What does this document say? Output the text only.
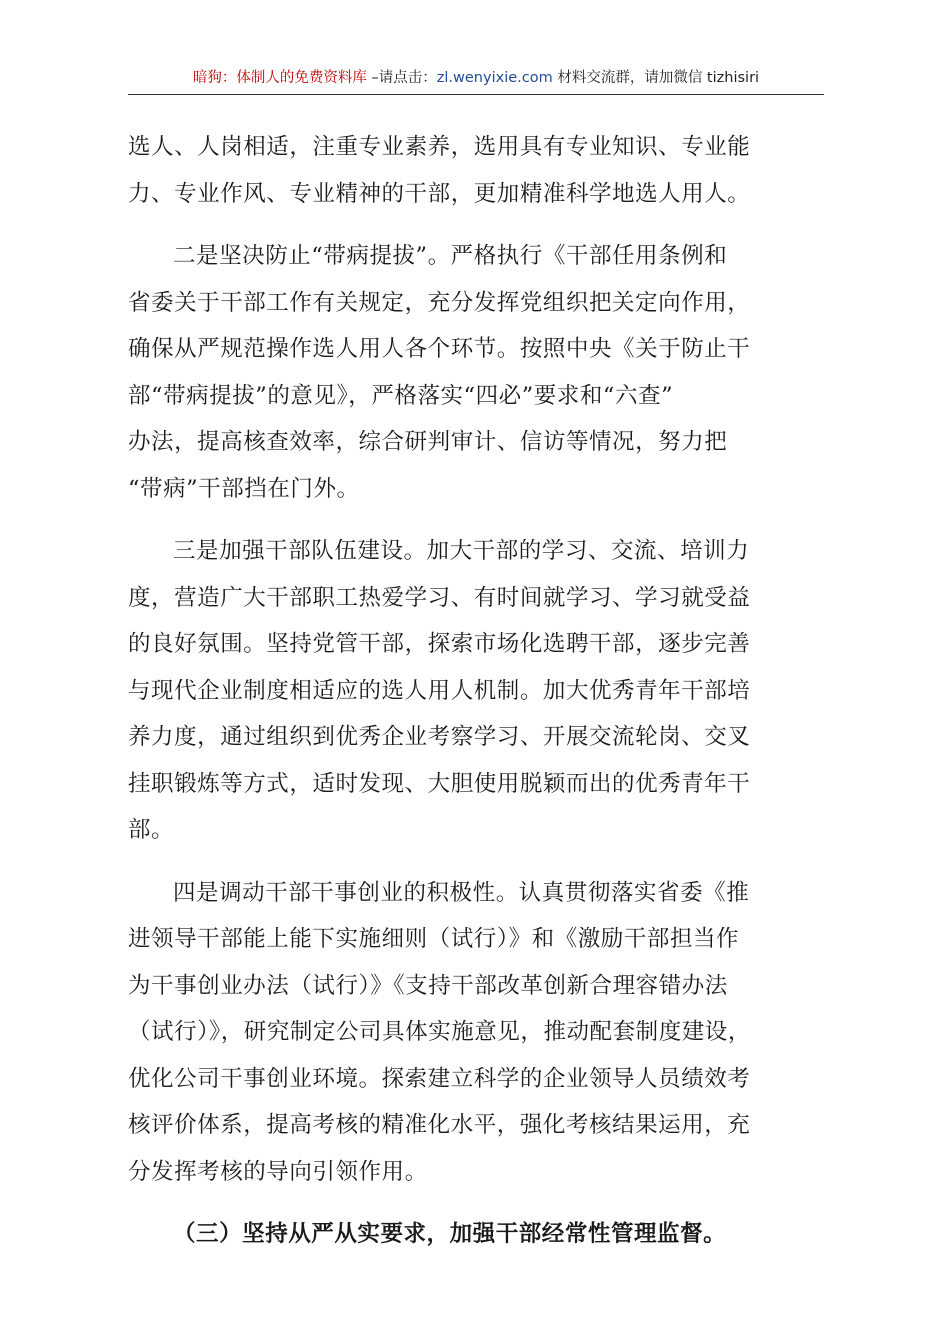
暗狗：体制人的免费资料库 –请点击：zl.wenyixie.com 材料交流群，请加微信 tizhisiri

选人、人岗相适，注重专业素养，选用具有专业知识、专业能
力、专业作风、专业精神的干部，更加精准科学地选人用人。

二是坚决防止“带病提拔”。严格执行《干部任用条例和
省委关于干部工作有关规定，充分发挥党组织把关定向作用，
确保从严规范操作选人用人各个环节。按照中央《关于防止干
部“带病提拔”的意见》，严格落实“四必”要求和“六查”
办法，提高核查效率，综合研判审计、信访等情况，努力把
“带病”干部挡在门外。

三是加强干部队伍建设。加大干部的学习、交流、培训力
度，营造广大干部职工热爱学习、有时间就学习、学习就受益
的良好氛围。坚持党管干部，探索市场化选聘干部，逐步完善
与现代企业制度相适应的选人用人机制。加大优秀青年干部培
养力度，通过组织到优秀企业考察学习、开展交流轮岗、交叉
挂职锻炼等方式，适时发现、大胆使用脱颖而出的优秀青年干
部。

四是调动干部干事创业的积极性。认真贯彻落实省委《推
进领导干部能上能下实施细则（试行）》和《激励干部担当作
为干事创业办法（试行）》《支持干部改革创新合理容错办法
（试行）》，研究制定公司具体实施意见，推动配套制度建设，
优化公司干事创业环境。探索建立科学的企业领导人员绩效考
核评价体系，提高考核的精准化水平，强化考核结果运用，充
分发挥考核的导向引领作用。

（三）坚持从严从实要求，加强干部经常性管理监督。
